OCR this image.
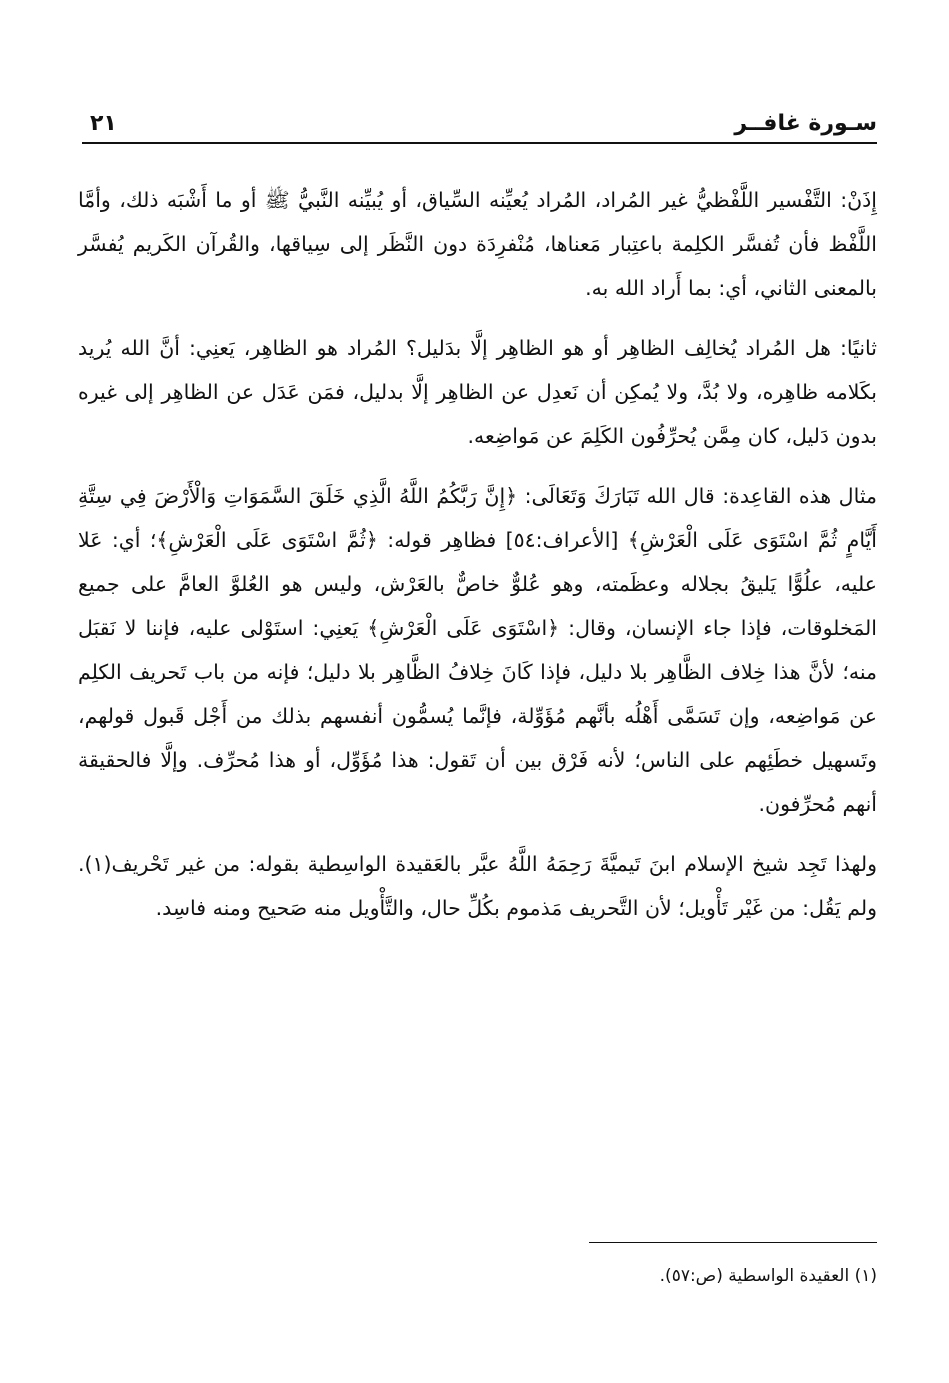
سـورة غافــر
٢١

إِذَنْ: التَّفْسير اللَّفْظيُّ غير المُراد، المُراد يُعيِّنه السِّياق، أو يُبيِّنه النَّبيُّ ﷺ أو ما أَشْبَه ذلك، وأمَّا اللَّفْظ فأن تُفسَّر الكلِمة باعتِبار مَعناها، مُنْفرِدَة دون النَّظَر إلى سِياقها، والقُرآن الكَريم يُفسَّر بالمعنى الثاني، أي: بما أَراد الله به.

ثانيًا: هل المُراد يُخالِف الظاهِر أو هو الظاهِر إلَّا بدَليل؟ المُراد هو الظاهِر، يَعنِي: أنَّ الله يُريد بكَلامه ظاهِره، ولا بُدَّ، ولا يُمكِن أن نَعدِل عن الظاهِر إلَّا بدليل، فمَن عَدَل عن الظاهِر إلى غيره بدون دَليل، كان مِمَّن يُحرِّفُون الكَلِمَ عن مَواضِعه.

مثال هذه القاعِدة: قال الله تَبَارَكَ وَتَعَالَى: ﴿إِنَّ رَبَّكُمُ اللَّهُ الَّذِي خَلَقَ السَّمَوَاتِ وَالْأَرْضَ فِي سِتَّةِ أَيَّامٍ ثُمَّ اسْتَوَى عَلَى الْعَرْشِ﴾ [الأعراف:٥٤] فظاهِر قوله: ﴿ثُمَّ اسْتَوَى عَلَى الْعَرْشِ﴾؛ أي: عَلا عليه، علُوًّا يَليقُ بجلاله وعظَمته، وهو عُلوٌّ خاصٌّ بالعَرْش، وليس هو العُلوَّ العامَّ على جميع المَخلوقات، فإذا جاء الإنسان، وقال: ﴿اسْتَوَى عَلَى الْعَرْشِ﴾ يَعنِي: استَوْلى عليه، فإننا لا نَقبَل منه؛ لأنَّ هذا خِلاف الظَّاهِر بلا دليل، فإذا كَانَ خِلافُ الظَّاهِر بلا دليل؛ فإنه من باب تَحريف الكلِم عن مَواضِعه، وإن تَسَمَّى أَهْلُه بأنَّهم مُؤَوِّلة، فإنَّما يُسمُّون أنفسهم بذلك من أَجْل قَبول قولهم، وتَسهيل خطَئِهم على الناس؛ لأنه فَرْق بين أن تَقول: هذا مُؤَوِّل، أو هذا مُحرِّف. وإلَّا فالحقيقة أنهم مُحرِّفون.

ولهذا تَجِد شيخ الإسلام ابنَ تَيميَّةَ رَحِمَهُ اللَّهُ عبَّر بالعَقيدة الواسِطية بقوله: من غير تَحْريف(١). ولم يَقُل: من غَيْر تَأْويل؛ لأن التَّحريف مَذموم بكُلِّ حال، والتَّأْويل منه صَحيح ومنه فاسِد.

(١) العقيدة الواسطية (ص:٥٧).
